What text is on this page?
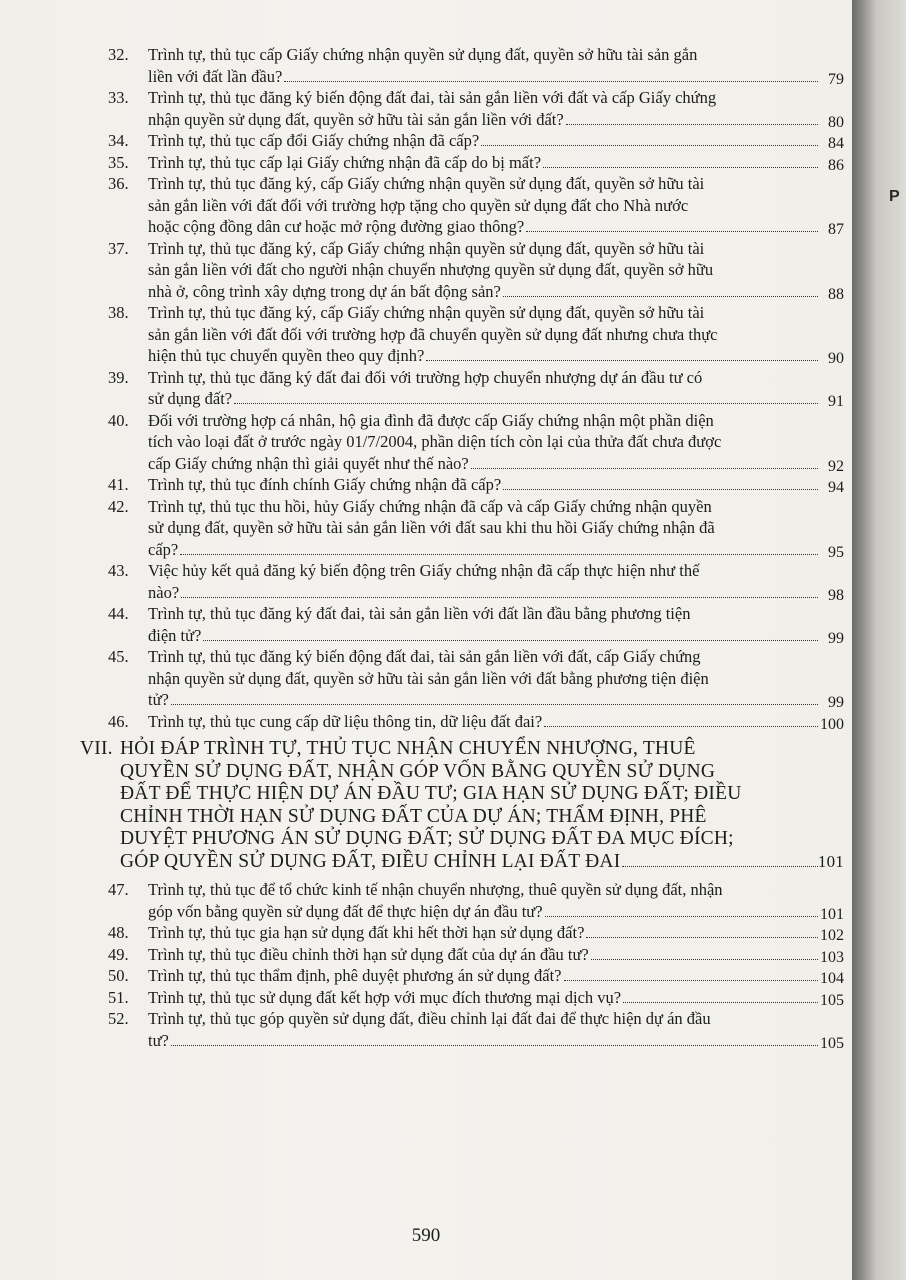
32.	Trình tự, thủ tục cấp Giấy chứng nhận quyền sử dụng đất, quyền sở hữu tài sản gắn
liền với đất lần đầu?	79
33.	Trình tự, thủ tục đăng ký biến động đất đai, tài sản gắn liền với đất và cấp Giấy chứng
nhận quyền sử dụng đất, quyền sở hữu tài sản gắn liền với đất?	80
34.	Trình tự, thủ tục cấp đổi Giấy chứng nhận đã cấp?	84
35.	Trình tự, thủ tục cấp lại Giấy chứng nhận đã cấp do bị mất?	86
36.	Trình tự, thủ tục đăng ký, cấp Giấy chứng nhận quyền sử dụng đất, quyền sở hữu tài
sản gắn liền với đất đối với trường hợp tặng cho quyền sử dụng đất cho Nhà nước
hoặc cộng đồng dân cư hoặc mở rộng đường giao thông?	87
37.	Trình tự, thủ tục đăng ký, cấp Giấy chứng nhận quyền sử dụng đất, quyền sở hữu tài
sản gắn liền với đất cho người nhận chuyển nhượng quyền sử dụng đất, quyền sở hữu
nhà ở, công trình xây dựng trong dự án bất động sản?	88
38.	Trình tự, thủ tục đăng ký, cấp Giấy chứng nhận quyền sử dụng đất, quyền sở hữu tài
sản gắn liền với đất đối với trường hợp đã chuyển quyền sử dụng đất nhưng chưa thực
hiện thủ tục chuyển quyền theo quy định?	90
39.	Trình tự, thủ tục đăng ký đất đai đối với trường hợp chuyển nhượng dự án đầu tư có
sử dụng đất?	91
40.	Đối với trường hợp cá nhân, hộ gia đình đã được cấp Giấy chứng nhận một phần diện
tích vào loại đất ở trước ngày 01/7/2004, phần diện tích còn lại của thửa đất chưa được
cấp Giấy chứng nhận thì giải quyết như thế nào?	92
41.	Trình tự, thủ tục đính chính Giấy chứng nhận đã cấp?	94
42.	Trình tự, thủ tục thu hồi, hủy Giấy chứng nhận đã cấp và cấp Giấy chứng nhận quyền
sử dụng đất, quyền sở hữu tài sản gắn liền với đất sau khi thu hồi Giấy chứng nhận đã
cấp?	95
43.	Việc hủy kết quả đăng ký biến động trên Giấy chứng nhận đã cấp thực hiện như thế
nào?	98
44.	Trình tự, thủ tục đăng ký đất đai, tài sản gắn liền với đất lần đầu bằng phương tiện
điện tử?	99
45.	Trình tự, thủ tục đăng ký biến động đất đai, tài sản gắn liền với đất, cấp Giấy chứng
nhận quyền sử dụng đất, quyền sở hữu tài sản gắn liền với đất bằng phương tiện điện
tử?	99
46.	Trình tự, thủ tục cung cấp dữ liệu thông tin, dữ liệu đất đai?	100
VII. HỎI ĐÁP TRÌNH TỰ, THỦ TỤC NHẬN CHUYỂN NHƯỢNG, THUÊ
QUYỀN SỬ DỤNG ĐẤT, NHẬN GÓP VỐN BẰNG QUYỀN SỬ DỤNG
ĐẤT ĐỂ THỰC HIỆN DỰ ÁN ĐẦU TƯ; GIA HẠN SỬ DỤNG ĐẤT; ĐIỀU
CHỈNH THỜI HẠN SỬ DỤNG ĐẤT CỦA DỰ ÁN; THẨM ĐỊNH, PHÊ
DUYỆT PHƯƠNG ÁN SỬ DỤNG ĐẤT; SỬ DỤNG ĐẤT ĐA MỤC ĐÍCH;
GÓP QUYỀN SỬ DỤNG ĐẤT, ĐIỀU CHỈNH LẠI ĐẤT ĐAI	101
47.	Trình tự, thủ tục để tổ chức kinh tế nhận chuyển nhượng, thuê quyền sử dụng đất, nhận
góp vốn bằng quyền sử dụng đất để thực hiện dự án đầu tư?	101
48.	Trình tự, thủ tục gia hạn sử dụng đất khi hết thời hạn sử dụng đất?	102
49.	Trình tự, thủ tục điều chỉnh thời hạn sử dụng đất của dự án đầu tư?	103
50.	Trình tự, thủ tục thẩm định, phê duyệt phương án sử dụng đất?	104
51.	Trình tự, thủ tục sử dụng đất kết hợp với mục đích thương mại dịch vụ?	105
52.	Trình tự, thủ tục góp quyền sử dụng đất, điều chỉnh lại đất đai để thực hiện dự án đầu
tư?	105
590
P
